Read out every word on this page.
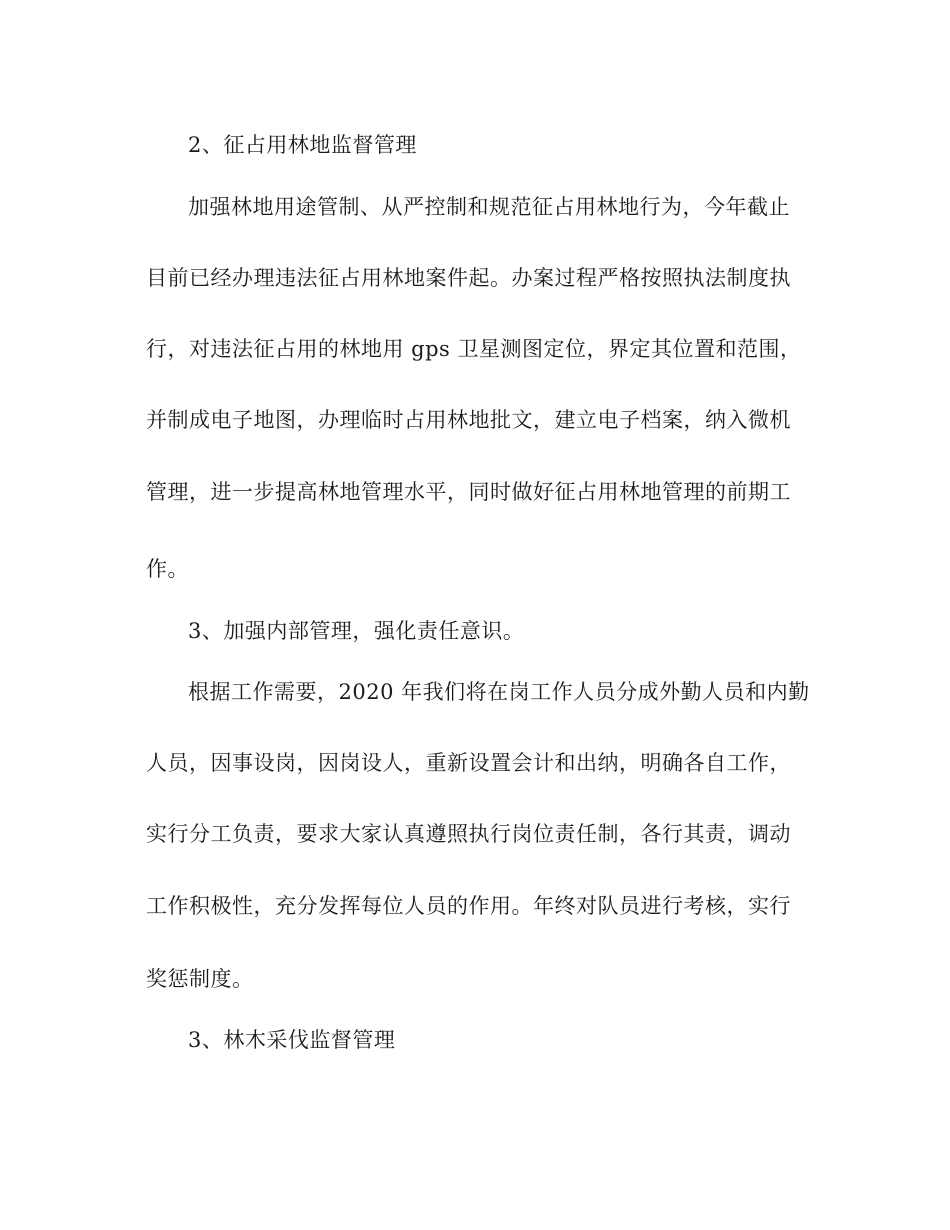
2、征占用林地监督管理
加强林地用途管制、从严控制和规范征占用林地行为，今年截止
目前已经办理违法征占用林地案件起。办案过程严格按照执法制度执
行，对违法征占用的林地用 gps 卫星测图定位，界定其位置和范围，
并制成电子地图，办理临时占用林地批文，建立电子档案，纳入微机
管理，进一步提高林地管理水平，同时做好征占用林地管理的前期工
作。
3、加强内部管理，强化责任意识。
根据工作需要，2020 年我们将在岗工作人员分成外勤人员和内勤
人员，因事设岗，因岗设人，重新设置会计和出纳，明确各自工作，
实行分工负责，要求大家认真遵照执行岗位责任制，各行其责，调动
工作积极性，充分发挥每位人员的作用。年终对队员进行考核，实行
奖惩制度。
3、林木采伐监督管理
